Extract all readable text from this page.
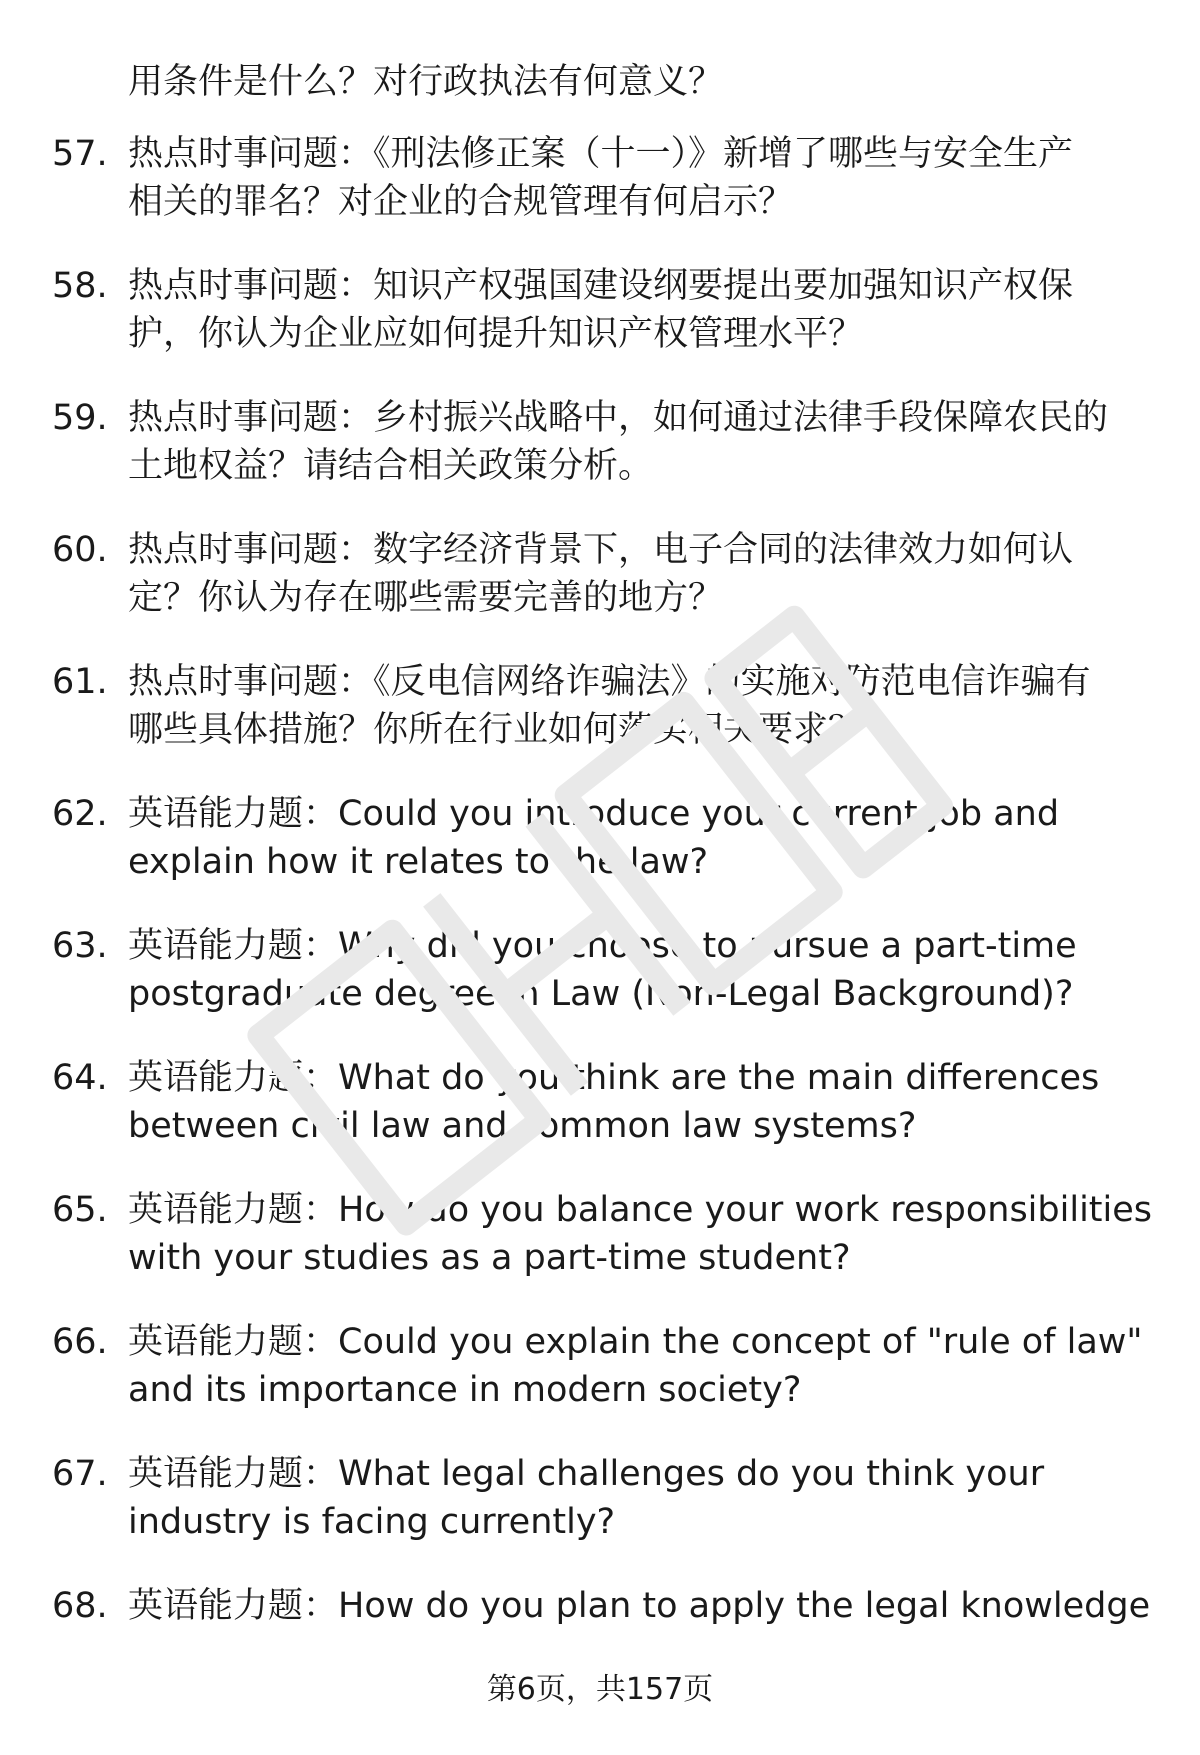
用条件是什么？对行政执法有何意义？
57. 热点时事问题：《刑法修正案（十一）》新增了哪些与安全生产
相关的罪名？对企业的合规管理有何启示？
58. 热点时事问题：知识产权强国建设纲要提出要加强知识产权保
护，你认为企业应如何提升知识产权管理水平？
59. 热点时事问题：乡村振兴战略中，如何通过法律手段保障农民的
土地权益？请结合相关政策分析。
60. 热点时事问题：数字经济背景下，电子合同的法律效力如何认
定？你认为存在哪些需要完善的地方？
61. 热点时事问题：《反电信网络诈骗法》的实施对防范电信诈骗有
哪些具体措施？你所在行业如何落实相关要求？
62. 英语能力题：Could you introduce your current job and
explain how it relates to the law?
63. 英语能力题：Why did you choose to pursue a part-time
postgraduate degree in Law (Non-Legal Background)?
64. 英语能力题：What do you think are the main differences
between civil law and common law systems?
65. 英语能力题：How do you balance your work responsibilities
with your studies as a part-time student?
66. 英语能力题：Could you explain the concept of "rule of law"
and its importance in modern society?
67. 英语能力题：What legal challenges do you think your
industry is facing currently?
68. 英语能力题：How do you plan to apply the legal knowledge
第6页，共157页
